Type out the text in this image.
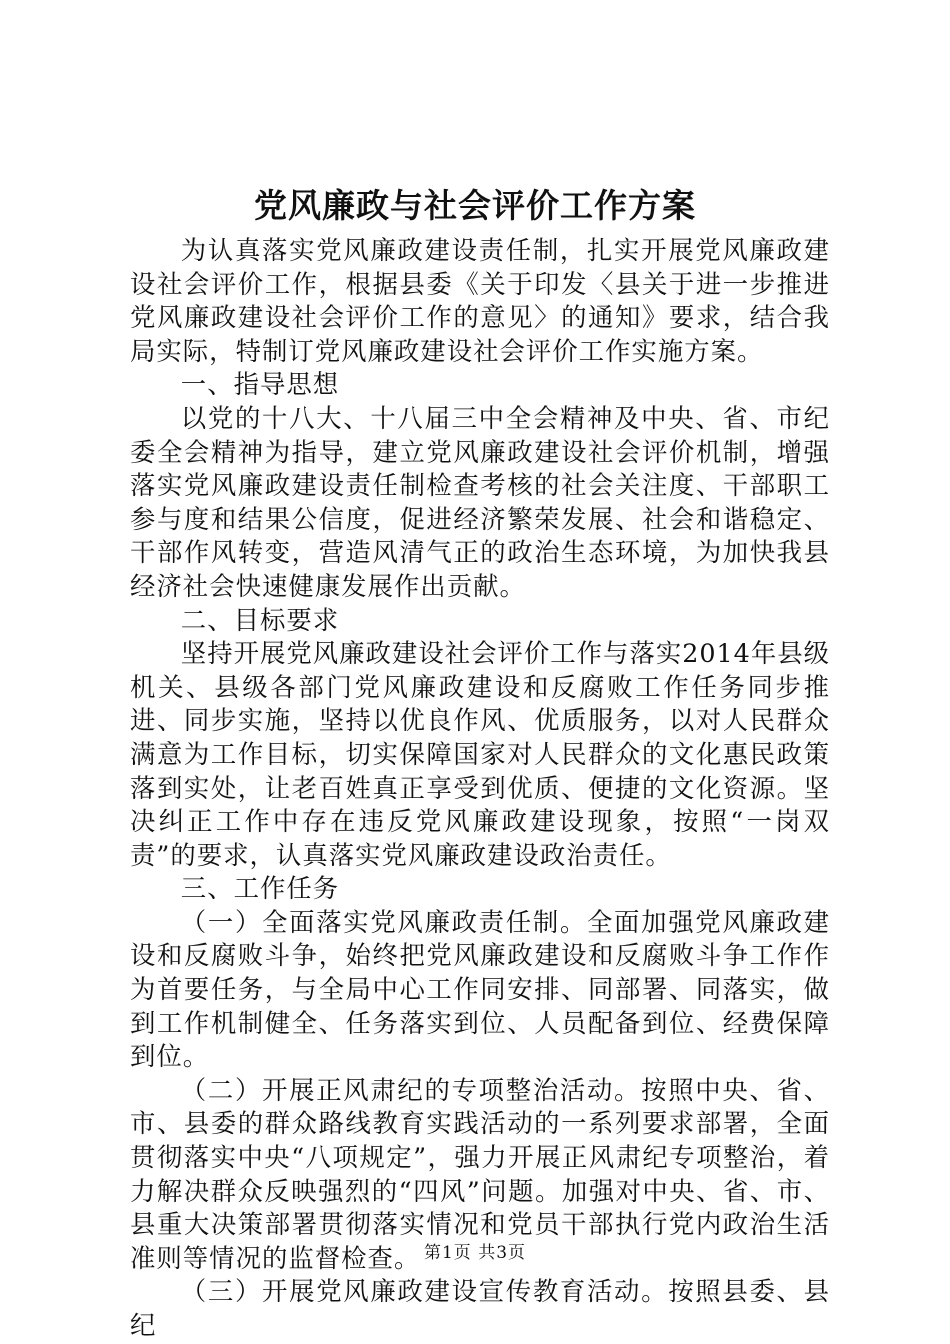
党风廉政与社会评价工作方案

为认真落实党风廉政建设责任制，扎实开展党风廉政建设社会评价工作，根据县委《关于印发〈县关于进一步推进党风廉政建设社会评价工作的意见〉的通知》要求，结合我局实际，特制订党风廉政建设社会评价工作实施方案。

一、指导思想

以党的十八大、十八届三中全会精神及中央、省、市纪委全会精神为指导，建立党风廉政建设社会评价机制，增强落实党风廉政建设责任制检查考核的社会关注度、干部职工参与度和结果公信度，促进经济繁荣发展、社会和谐稳定、干部作风转变，营造风清气正的政治生态环境，为加快我县经济社会快速健康发展作出贡献。

二、目标要求

坚持开展党风廉政建设社会评价工作与落实2014年县级机关、县级各部门党风廉政建设和反腐败工作任务同步推进、同步实施，坚持以优良作风、优质服务，以对人民群众满意为工作目标，切实保障国家对人民群众的文化惠民政策落到实处，让老百姓真正享受到优质、便捷的文化资源。坚决纠正工作中存在违反党风廉政建设现象，按照“一岗双责”的要求，认真落实党风廉政建设政治责任。

三、工作任务

（一）全面落实党风廉政责任制。全面加强党风廉政建设和反腐败斗争，始终把党风廉政建设和反腐败斗争工作作为首要任务，与全局中心工作同安排、同部署、同落实，做到工作机制健全、任务落实到位、人员配备到位、经费保障到位。

（二）开展正风肃纪的专项整治活动。按照中央、省、市、县委的群众路线教育实践活动的一系列要求部署，全面贯彻落实中央“八项规定”，强力开展正风肃纪专项整治，着力解决群众反映强烈的“四风”问题。加强对中央、省、市、县重大决策部署贯彻落实情况和党员干部执行党内政治生活准则等情况的监督检查。

（三）开展党风廉政建设宣传教育活动。按照县委、县纪

第1页 共3页
